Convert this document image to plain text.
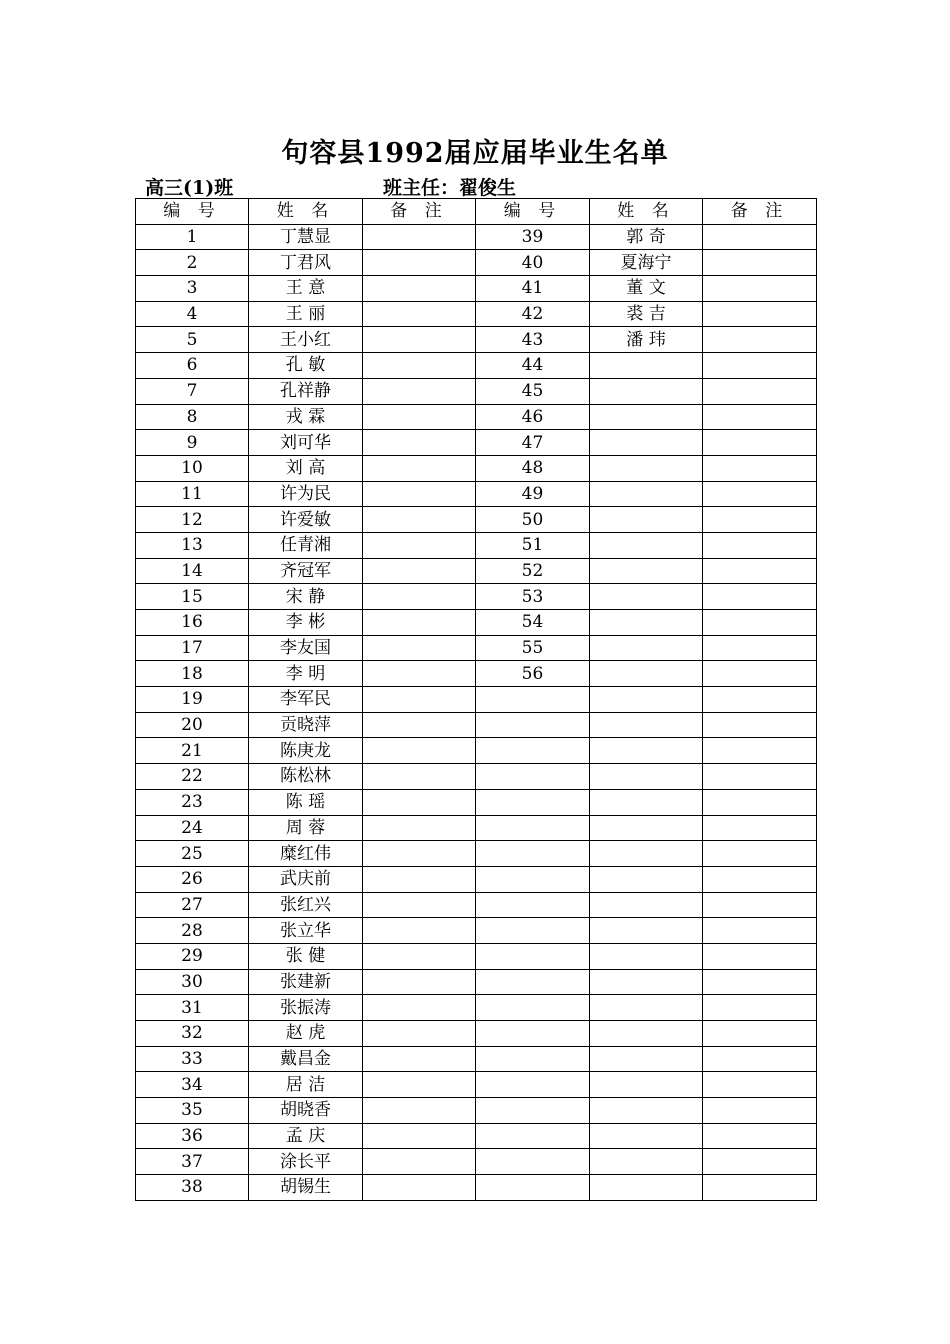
句容县1992届应届毕业生名单
高三(1)班	班主任：翟俊生
编 号	姓 名	备 注	编 号	姓 名	备 注
1	丁慧显		39	郭 奇	
2	丁君风		40	夏海宁	
3	王 意		41	董 文	
4	王 丽		42	裘 吉	
5	王小红		43	潘 玮	
6	孔 敏		44		
7	孔祥静		45		
8	戎 霖		46		
9	刘可华		47		
10	刘 高		48		
11	许为民		49		
12	许爱敏		50		
13	任青湘		51		
14	齐冠军		52		
15	宋 静		53		
16	李 彬		54		
17	李友国		55		
18	李 明		56		
19	李军民				
20	贡晓萍				
21	陈庚龙				
22	陈松林				
23	陈 瑶				
24	周 蓉				
25	糜红伟				
26	武庆前				
27	张红兴				
28	张立华				
29	张 健				
30	张建新				
31	张振涛				
32	赵 虎				
33	戴昌金				
34	居 洁				
35	胡晓香				
36	孟 庆				
37	涂长平				
38	胡锡生				
